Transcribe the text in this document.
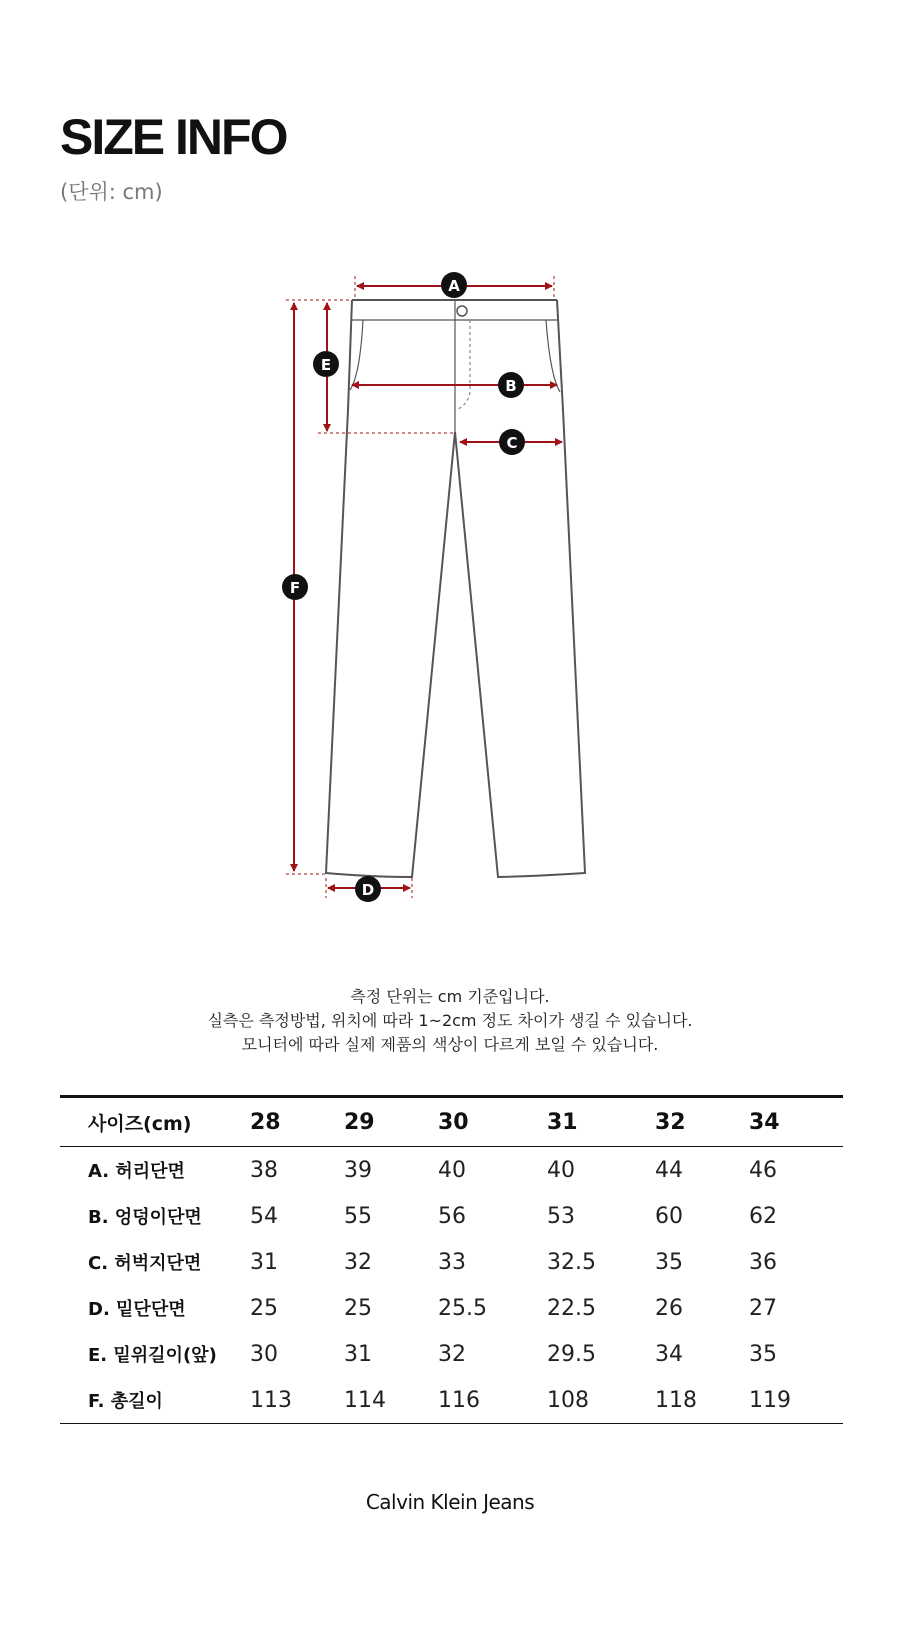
SIZE INFO
(단위: cm)
A
B
C
D
E
F
측정 단위는 cm 기준입니다.
실측은 측정방법, 위치에 따라 1~2cm 정도 차이가 생길 수 있습니다.
모니터에 따라 실제 제품의 색상이 다르게 보일 수 있습니다.
사이즈(cm)	28	29	30	31	32	34
A. 허리단면	38	39	40	40	44	46
B. 엉덩이단면	54	55	56	53	60	62
C. 허벅지단면	31	32	33	32.5	35	36
D. 밑단단면	25	25	25.5	22.5	26	27
E. 밑위길이(앞)	30	31	32	29.5	34	35
F. 총길이	113	114	116	108	118	119
Calvin Klein Jeans
